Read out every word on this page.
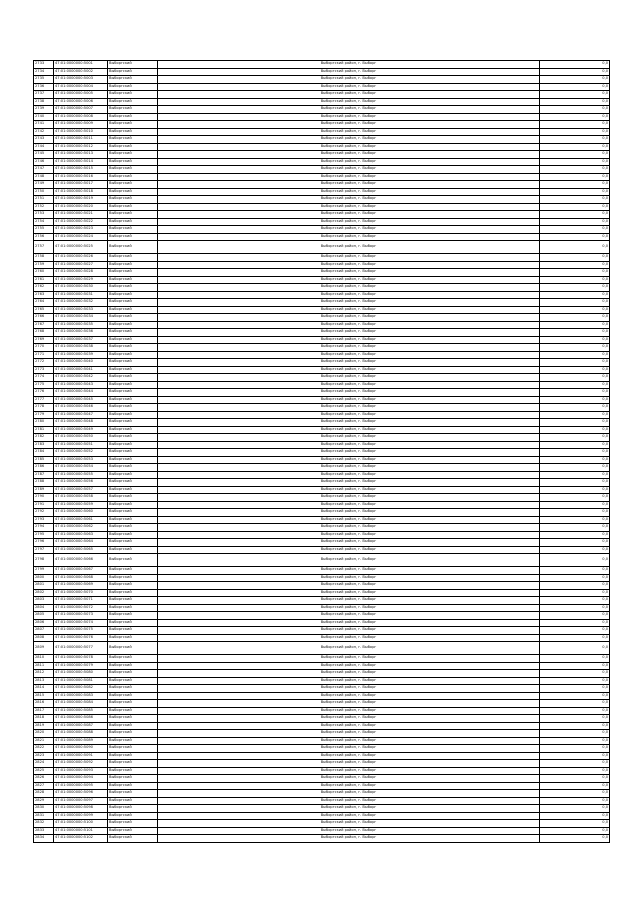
2733	47:01:0000000:5001	Выборгский	Выборгский район, г. Выборг	0,0
2734	47:01:0000000:5002	Выборгский	Выборгский район, г. Выборг	0,0
2735	47:01:0000000:5003	Выборгский	Выборгский район, г. Выборг	0,0
2736	47:01:0000000:5004	Выборгский	Выборгский район, г. Выборг	0,0
2737	47:01:0000000:5005	Выборгский	Выборгский район, г. Выборг	0,0
2738	47:01:0000000:5006	Выборгский	Выборгский район, г. Выборг	0,0
2739	47:01:0000000:5007	Выборгский	Выборгский район, г. Выборг	0,0
2740	47:01:0000000:5008	Выборгский	Выборгский район, г. Выборг	0,0
2741	47:01:0000000:5009	Выборгский	Выборгский район, г. Выборг	0,0
2742	47:01:0000000:5010	Выборгский	Выборгский район, г. Выборг	0,0
2743	47:01:0000000:5011	Выборгский	Выборгский район, г. Выборг	0,0
2744	47:01:0000000:5012	Выборгский	Выборгский район, г. Выборг	0,0
2745	47:01:0000000:5013	Выборгский	Выборгский район, г. Выборг	0,0
2746	47:01:0000000:5014	Выборгский	Выборгский район, г. Выборг	0,0
2747	47:01:0000000:5015	Выборгский	Выборгский район, г. Выборг	0,0
2748	47:01:0000000:5016	Выборгский	Выборгский район, г. Выборг	0,0
2749	47:01:0000000:5017	Выборгский	Выборгский район, г. Выборг	0,0
2750	47:01:0000000:5018	Выборгский	Выборгский район, г. Выборг	0,0
2751	47:01:0000000:5019	Выборгский	Выборгский район, г. Выборг	0,0
2752	47:01:0000000:5020	Выборгский	Выборгский район, г. Выборг	0,0
2753	47:01:0000000:5021	Выборгский	Выборгский район, г. Выборг	0,0
2754	47:01:0000000:5022	Выборгский	Выборгский район, г. Выборг	0,0
2755	47:01:0000000:5023	Выборгский	Выборгский район, г. Выборг	0,0
2756	47:01:0000000:5024	Выборгский	Выборгский район, г. Выборг	0,0
2757	47:01:0000000:5025	Выборгский	Выборгский район, г. Выборг	0,0
2758	47:01:0000000:5026	Выборгский	Выборгский район, г. Выборг	0,0
2759	47:01:0000000:5027	Выборгский	Выборгский район, г. Выборг	0,0
2760	47:01:0000000:5028	Выборгский	Выборгский район, г. Выборг	0,0
2761	47:01:0000000:5029	Выборгский	Выборгский район, г. Выборг	0,0
2762	47:01:0000000:5030	Выборгский	Выборгский район, г. Выборг	0,0
2763	47:01:0000000:5031	Выборгский	Выборгский район, г. Выборг	0,0
2764	47:01:0000000:5032	Выборгский	Выборгский район, г. Выборг	0,0
2765	47:01:0000000:5033	Выборгский	Выборгский район, г. Выборг	0,0
2766	47:01:0000000:5034	Выборгский	Выборгский район, г. Выборг	0,0
2767	47:01:0000000:5035	Выборгский	Выборгский район, г. Выборг	0,0
2768	47:01:0000000:5036	Выборгский	Выборгский район, г. Выборг	0,0
2769	47:01:0000000:5037	Выборгский	Выборгский район, г. Выборг	0,0
2770	47:01:0000000:5038	Выборгский	Выборгский район, г. Выборг	0,0
2771	47:01:0000000:5039	Выборгский	Выборгский район, г. Выборг	0,0
2772	47:01:0000000:5040	Выборгский	Выборгский район, г. Выборг	0,0
2773	47:01:0000000:5041	Выборгский	Выборгский район, г. Выборг	0,0
2774	47:01:0000000:5042	Выборгский	Выборгский район, г. Выборг	0,0
2775	47:01:0000000:5043	Выборгский	Выборгский район, г. Выборг	0,0
2776	47:01:0000000:5044	Выборгский	Выборгский район, г. Выборг	0,0
2777	47:01:0000000:5045	Выборгский	Выборгский район, г. Выборг	0,0
2778	47:01:0000000:5046	Выборгский	Выборгский район, г. Выборг	0,0
2779	47:01:0000000:5047	Выборгский	Выборгский район, г. Выборг	0,0
2780	47:01:0000000:5048	Выборгский	Выборгский район, г. Выборг	0,0
2781	47:01:0000000:5049	Выборгский	Выборгский район, г. Выборг	0,0
2782	47:01:0000000:5050	Выборгский	Выборгский район, г. Выборг	0,0
2783	47:01:0000000:5051	Выборгский	Выборгский район, г. Выборг	0,0
2784	47:01:0000000:5052	Выборгский	Выборгский район, г. Выборг	0,0
2785	47:01:0000000:5053	Выборгский	Выборгский район, г. Выборг	0,0
2786	47:01:0000000:5054	Выборгский	Выборгский район, г. Выборг	0,0
2787	47:01:0000000:5055	Выборгский	Выборгский район, г. Выборг	0,0
2788	47:01:0000000:5056	Выборгский	Выборгский район, г. Выборг	0,0
2789	47:01:0000000:5057	Выборгский	Выборгский район, г. Выборг	0,0
2790	47:01:0000000:5058	Выборгский	Выборгский район, г. Выборг	0,0
2791	47:01:0000000:5059	Выборгский	Выборгский район, г. Выборг	0,0
2792	47:01:0000000:5060	Выборгский	Выборгский район, г. Выборг	0,0
2793	47:01:0000000:5061	Выборгский	Выборгский район, г. Выборг	0,0
2794	47:01:0000000:5062	Выборгский	Выборгский район, г. Выборг	0,0
2795	47:01:0000000:5063	Выборгский	Выборгский район, г. Выборг	0,0
2796	47:01:0000000:5064	Выборгский	Выборгский район, г. Выборг	0,0
2797	47:01:0000000:5065	Выборгский	Выборгский район, г. Выборг	0,0
2798	47:01:0000000:5066	Выборгский	Выборгский район, г. Выборг	0,0
2799	47:01:0000000:5067	Выборгский	Выборгский район, г. Выборг	0,0
2800	47:01:0000000:5068	Выборгский	Выборгский район, г. Выборг	0,0
2801	47:01:0000000:5069	Выборгский	Выборгский район, г. Выборг	0,0
2802	47:01:0000000:5070	Выборгский	Выборгский район, г. Выборг	0,0
2803	47:01:0000000:5071	Выборгский	Выборгский район, г. Выборг	0,0
2804	47:01:0000000:5072	Выборгский	Выборгский район, г. Выборг	0,0
2805	47:01:0000000:5073	Выборгский	Выборгский район, г. Выборг	0,0
2806	47:01:0000000:5074	Выборгский	Выборгский район, г. Выборг	0,0
2807	47:01:0000000:5075	Выборгский	Выборгский район, г. Выборг	0,0
2808	47:01:0000000:5076	Выборгский	Выборгский район, г. Выборг	0,0
2809	47:01:0000000:5077	Выборгский	Выборгский район, г. Выборг	0,0
2810	47:01:0000000:5078	Выборгский	Выборгский район, г. Выборг	0,0
2811	47:01:0000000:5079	Выборгский	Выборгский район, г. Выборг	0,0
2812	47:01:0000000:5080	Выборгский	Выборгский район, г. Выборг	0,0
2813	47:01:0000000:5081	Выборгский	Выборгский район, г. Выборг	0,0
2814	47:01:0000000:5082	Выборгский	Выборгский район, г. Выборг	0,0
2815	47:01:0000000:5083	Выборгский	Выборгский район, г. Выборг	0,0
2816	47:01:0000000:5084	Выборгский	Выборгский район, г. Выборг	0,0
2817	47:01:0000000:5085	Выборгский	Выборгский район, г. Выборг	0,0
2818	47:01:0000000:5086	Выборгский	Выборгский район, г. Выборг	0,0
2819	47:01:0000000:5087	Выборгский	Выборгский район, г. Выборг	0,0
2820	47:01:0000000:5088	Выборгский	Выборгский район, г. Выборг	0,0
2821	47:01:0000000:5089	Выборгский	Выборгский район, г. Выборг	0,0
2822	47:01:0000000:5090	Выборгский	Выборгский район, г. Выборг	0,0
2823	47:01:0000000:5091	Выборгский	Выборгский район, г. Выборг	0,0
2824	47:01:0000000:5092	Выборгский	Выборгский район, г. Выборг	0,0
2825	47:01:0000000:5093	Выборгский	Выборгский район, г. Выборг	0,0
2826	47:01:0000000:5094	Выборгский	Выборгский район, г. Выборг	0,0
2827	47:01:0000000:5095	Выборгский	Выборгский район, г. Выборг	0,0
2828	47:01:0000000:5096	Выборгский	Выборгский район, г. Выборг	0,0
2829	47:01:0000000:5097	Выборгский	Выборгский район, г. Выборг	0,0
2830	47:01:0000000:5098	Выборгский	Выборгский район, г. Выборг	0,0
2831	47:01:0000000:5099	Выборгский	Выборгский район, г. Выборг	0,0
2832	47:01:0000000:5100	Выборгский	Выборгский район, г. Выборг	0,0
2833	47:01:0000000:5101	Выборгский	Выборгский район, г. Выборг	0,0
2834	47:01:0000000:5102	Выборгский	Выборгский район, г. Выборг	0,0
